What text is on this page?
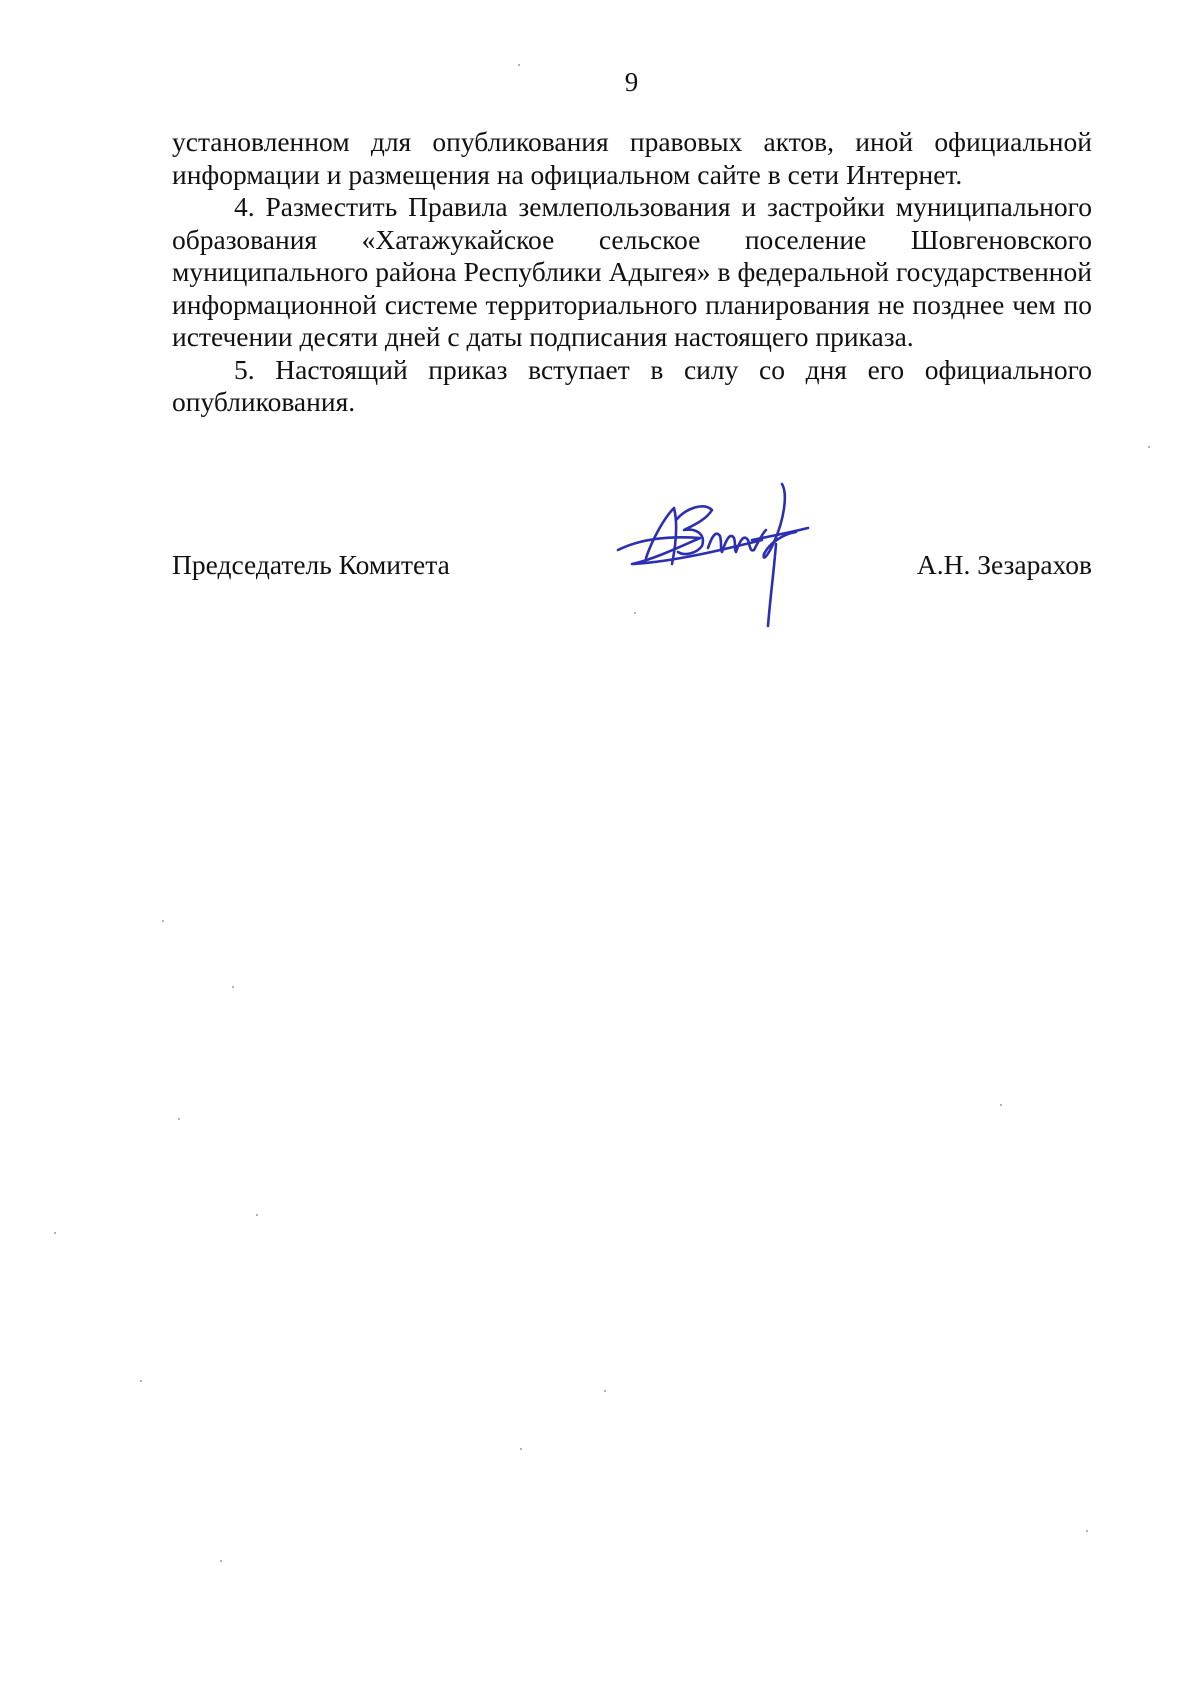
9

установленном для опубликования правовых актов, иной официальной информации и размещения на официальном сайте в сети Интернет.

4. Разместить Правила землепользования и застройки муниципального образования «Хатажукайское сельское поселение Шовгеновского муниципального района Республики Адыгея» в федеральной государственной информационной системе территориального планирования не позднее чем по истечении десяти дней с даты подписания настоящего приказа.

5. Настоящий приказ вступает в силу со дня его официального опубликования.

Председатель Комитета	А.Н. Зезарахов
